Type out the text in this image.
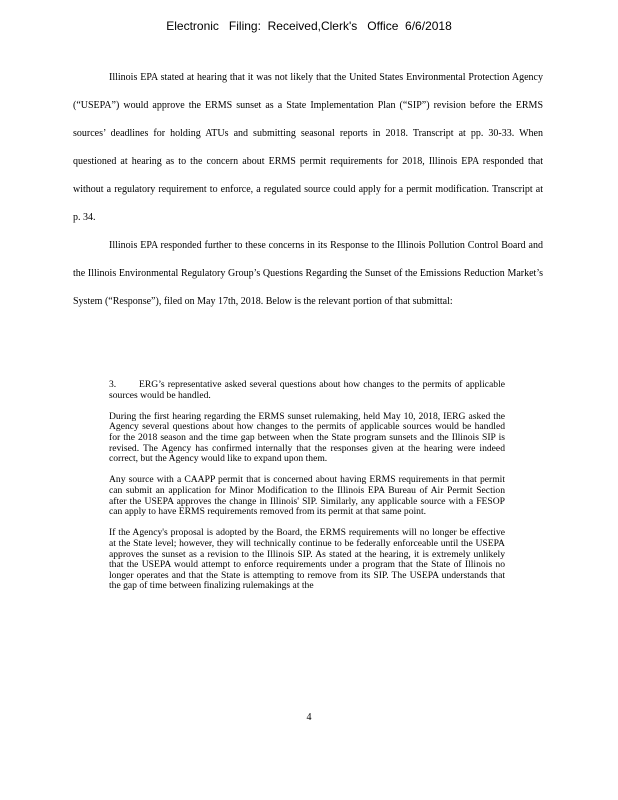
Electronic   Filing:  Received,Clerk's   Office  6/6/2018

Illinois EPA stated at hearing that it was not likely that the United States Environmental Protection Agency (“USEPA”) would approve the ERMS sunset as a State Implementation Plan (“SIP”) revision before the ERMS sources’ deadlines for holding ATUs and submitting seasonal reports in 2018. Transcript at pp. 30-33. When questioned at hearing as to the concern about ERMS permit requirements for 2018, Illinois EPA responded that without a regulatory requirement to enforce, a regulated source could apply for a permit modification. Transcript at p. 34.

Illinois EPA responded further to these concerns in its Response to the Illinois Pollution Control Board and the Illinois Environmental Regulatory Group’s Questions Regarding the Sunset of the Emissions Reduction Market’s System (“Response”), filed on May 17th, 2018. Below is the relevant portion of that submittal:

3. ERG’s representative asked several questions about how changes to the permits of applicable sources would be handled.

During the first hearing regarding the ERMS sunset rulemaking, held May 10, 2018, IERG asked the Agency several questions about how changes to the permits of applicable sources would be handled for the 2018 season and the time gap between when the State program sunsets and the Illinois SIP is revised. The Agency has confirmed internally that the responses given at the hearing were indeed correct, but the Agency would like to expand upon them.

Any source with a CAAPP permit that is concerned about having ERMS requirements in that permit can submit an application for Minor Modification to the Illinois EPA Bureau of Air Permit Section after the USEPA approves the change in Illinois' SIP. Similarly, any applicable source with a FESOP can apply to have ERMS requirements removed from its permit at that same point.

If the Agency's proposal is adopted by the Board, the ERMS requirements will no longer be effective at the State level; however, they will technically continue to be federally enforceable until the USEPA approves the sunset as a revision to the Illinois SIP. As stated at the hearing, it is extremely unlikely that the USEPA would attempt to enforce requirements under a program that the State of Illinois no longer operates and that the State is attempting to remove from its SIP. The USEPA understands that the gap of time between finalizing rulemakings at the

4
